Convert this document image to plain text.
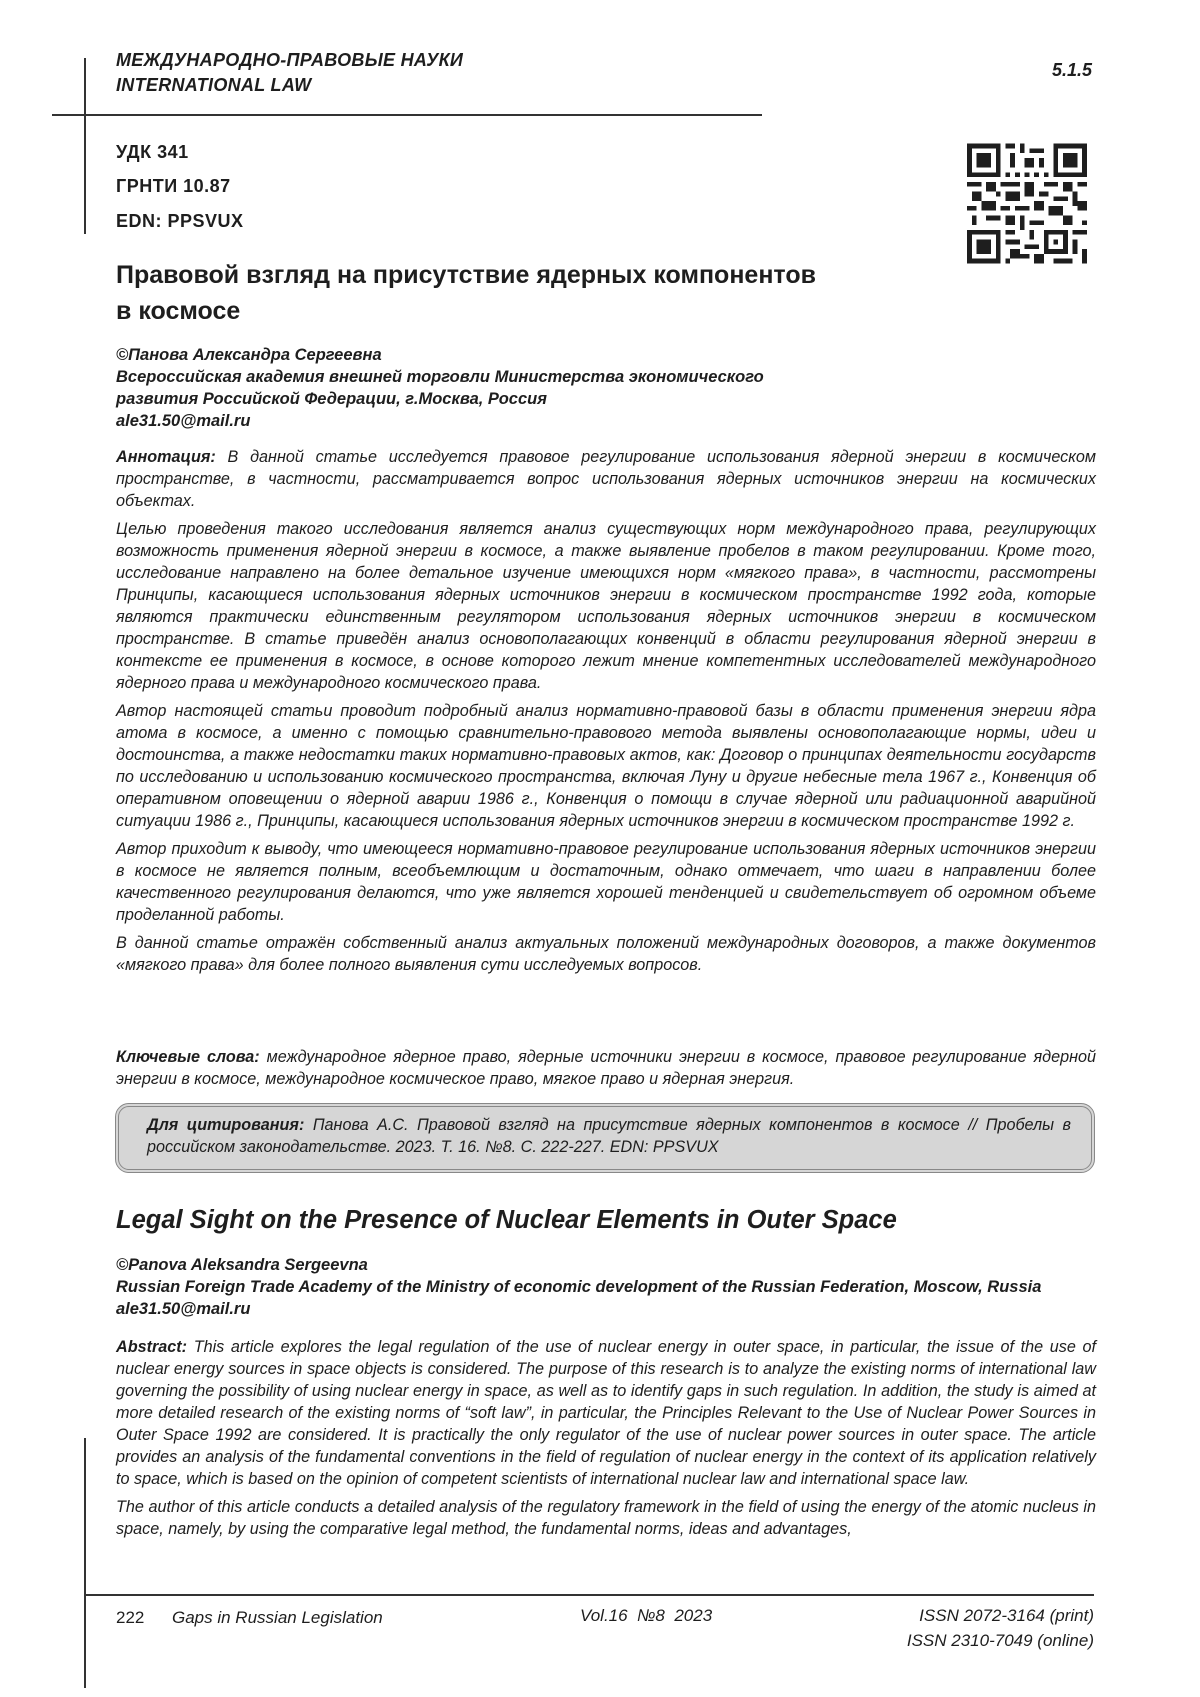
МЕЖДУНАРОДНО-ПРАВОВЫЕ НАУКИ
INTERNATIONAL LAW
5.1.5
УДК 341
ГРНТИ 10.87
EDN: PPSVUX
Правовой взгляд на присутствие ядерных компонентов
в космосе
©Панова Александра Сергеевна
Всероссийская академия внешней торговли Министерства экономического
развития Российской Федерации, г.Москва, Россия
ale31.50@mail.ru

Аннотация: В данной статье исследуется правовое регулирование использования ядерной энергии в космическом пространстве, в частности, рассматривается вопрос использования ядерных источников энергии на космических объектах.

Целью проведения такого исследования является анализ существующих норм международного права, регулирующих возможность применения ядерной энергии в космосе, а также выявление пробелов в таком регулировании. Кроме того, исследование направлено на более детальное изучение имеющихся норм «мягкого права», в частности, рассмотрены Принципы, касающиеся использования ядерных источников энергии в космическом пространстве 1992 года, которые являются практически единственным регулятором использования ядерных источников энергии в космическом пространстве. В статье приведён анализ основополагающих конвенций в области регулирования ядерной энергии в контексте ее применения в космосе, в основе которого лежит мнение компетентных исследователей международного ядерного права и международного космического права.

Автор настоящей статьи проводит подробный анализ нормативно-правовой базы в области применения энергии ядра атома в космосе, а именно с помощью сравнительно-правового метода выявлены основополагающие нормы, идеи и достоинства, а также недостатки таких нормативно-правовых актов, как: Договор о принципах деятельности государств по исследованию и использованию космического пространства, включая Луну и другие небесные тела 1967 г., Конвенция об оперативном оповещении о ядерной аварии 1986 г., Конвенция о помощи в случае ядерной или радиационной аварийной ситуации 1986 г., Принципы, касающиеся использования ядерных источников энергии в космическом пространстве 1992 г.

Автор приходит к выводу, что имеющееся нормативно-правовое регулирование использования ядерных источников энергии в космосе не является полным, всеобъемлющим и достаточным, однако отмечает, что шаги в направлении более качественного регулирования делаются, что уже является хорошей тенденцией и свидетельствует об огромном объеме проделанной работы.

В данной статье отражён собственный анализ актуальных положений международных договоров, а также документов «мягкого права» для более полного выявления сути исследуемых вопросов.

Ключевые слова: международное ядерное право, ядерные источники энергии в космосе, правовое регулирование ядерной энергии в космосе, международное космическое право, мягкое право и ядерная энергия.

Для цитирования: Панова А.С. Правовой взгляд на присутствие ядерных компонентов в космосе // Пробелы в российском законодательстве. 2023. Т. 16. №8. С. 222-227. EDN: PPSVUX
Legal Sight on the Presence of Nuclear Elements in Outer Space
©Panova Aleksandra Sergeevna
Russian Foreign Trade Academy of the Ministry of economic development of the Russian Federation, Moscow, Russia
ale31.50@mail.ru

Abstract: This article explores the legal regulation of the use of nuclear energy in outer space, in particular, the issue of the use of nuclear energy sources in space objects is considered. The purpose of this research is to analyze the existing norms of international law governing the possibility of using nuclear energy in space, as well as to identify gaps in such regulation. In addition, the study is aimed at more detailed research of the existing norms of “soft law”, in particular, the Principles Relevant to the Use of Nuclear Power Sources in Outer Space 1992 are considered. It is practically the only regulator of the use of nuclear power sources in outer space. The article provides an analysis of the fundamental conventions in the field of regulation of nuclear energy in the context of its application relatively to space, which is based on the opinion of competent scientists of international nuclear law and international space law.

The author of this article conducts a detailed analysis of the regulatory framework in the field of using the energy of the atomic nucleus in space, namely, by using the comparative legal method, the fundamental norms, ideas and advantages,

222 Gaps in Russian Legislation	Vol.16  №8  2023	ISSN 2072-3164 (print)
ISSN 2310-7049 (online)
